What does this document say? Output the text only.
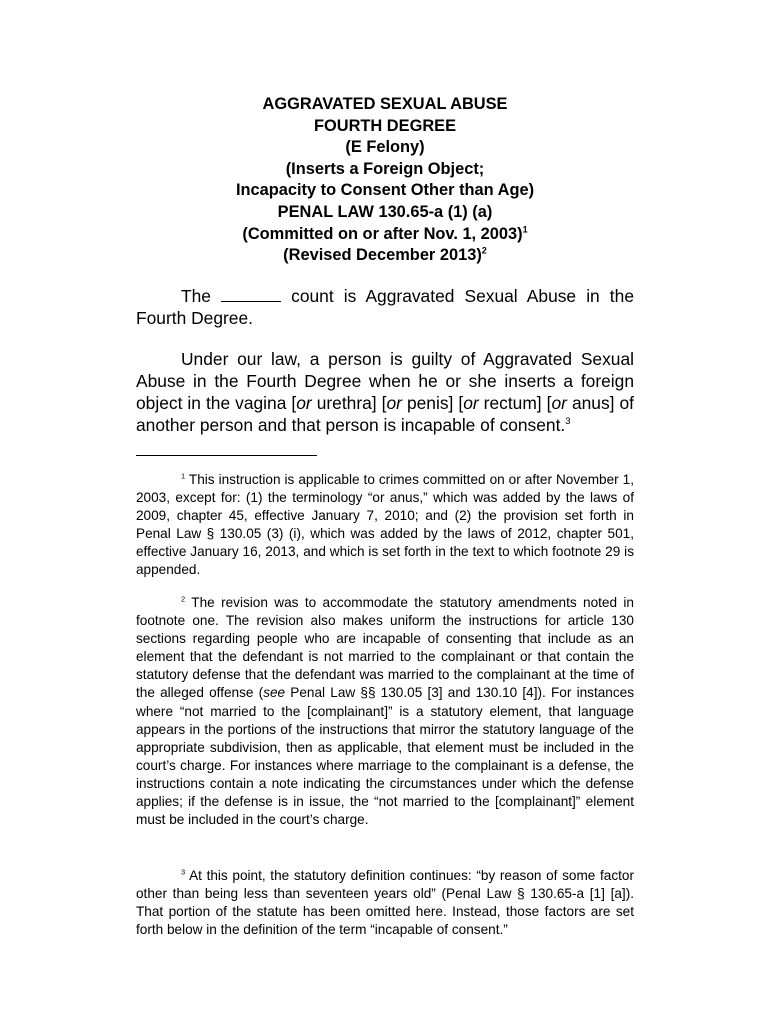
AGGRAVATED SEXUAL ABUSE
FOURTH DEGREE
(E Felony)
(Inserts a Foreign Object;
Incapacity to Consent Other than Age)
PENAL LAW 130.65-a (1) (a)
(Committed on or after Nov. 1, 2003)$^1$
(Revised December 2013)$^2$
The	count is Aggravated Sexual Abuse in the Fourth Degree.
Under our law, a person is guilty of Aggravated Sexual Abuse in the Fourth Degree when he or she inserts a foreign object in the vagina [or urethra] [or penis] [or rectum] [or anus] of another person and that person is incapable of consent.$^3$
$^1$ This instruction is applicable to crimes committed on or after November 1, 2003, except for: (1) the terminology “or anus,” which was added by the laws of 2009, chapter 45, effective January 7, 2010; and (2) the provision set forth in Penal Law § 130.05 (3) (i), which was added by the laws of 2012, chapter 501, effective January 16, 2013, and which is set forth in the text to which footnote 29 is appended.
$^2$ The revision was to accommodate the statutory amendments noted in footnote one. The revision also makes uniform the instructions for article 130 sections regarding people who are incapable of consenting that include as an element that the defendant is not married to the complainant or that contain the statutory defense that the defendant was married to the complainant at the time of the alleged offense (see Penal Law §§ 130.05 [3] and 130.10 [4]). For instances where “not married to the [complainant]” is a statutory element, that language appears in the portions of the instructions that mirror the statutory language of the appropriate subdivision, then as applicable, that element must be included in the court’s charge. For instances where marriage to the complainant is a defense, the instructions contain a note indicating the circumstances under which the defense applies; if the defense is in issue, the “not married to the [complainant]” element must be included in the court’s charge.
$^3$ At this point, the statutory definition continues: “by reason of some factor other than being less than seventeen years old” (Penal Law § 130.65-a [1] [a]). That portion of the statute has been omitted here. Instead, those factors are set forth below in the definition of the term “incapable of consent.”
